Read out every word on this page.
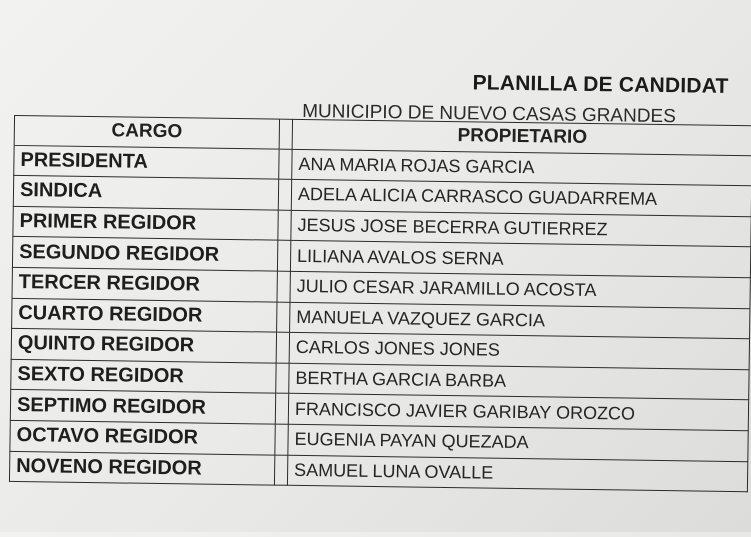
PLANILLA DE CANDIDAT
MUNICIPIO DE NUEVO CASAS GRANDES
CARGO		PROPIETARIO
PRESIDENTA		ANA MARIA ROJAS GARCIA
SINDICA		ADELA ALICIA CARRASCO GUADARREMA
PRIMER REGIDOR		JESUS JOSE BECERRA GUTIERREZ
SEGUNDO REGIDOR		LILIANA AVALOS SERNA
TERCER REGIDOR		JULIO CESAR JARAMILLO ACOSTA
CUARTO REGIDOR		MANUELA VAZQUEZ GARCIA
QUINTO REGIDOR		CARLOS JONES JONES
SEXTO REGIDOR		BERTHA GARCIA BARBA
SEPTIMO REGIDOR		FRANCISCO JAVIER GARIBAY OROZCO
OCTAVO REGIDOR		EUGENIA PAYAN QUEZADA
NOVENO REGIDOR		SAMUEL LUNA OVALLE
